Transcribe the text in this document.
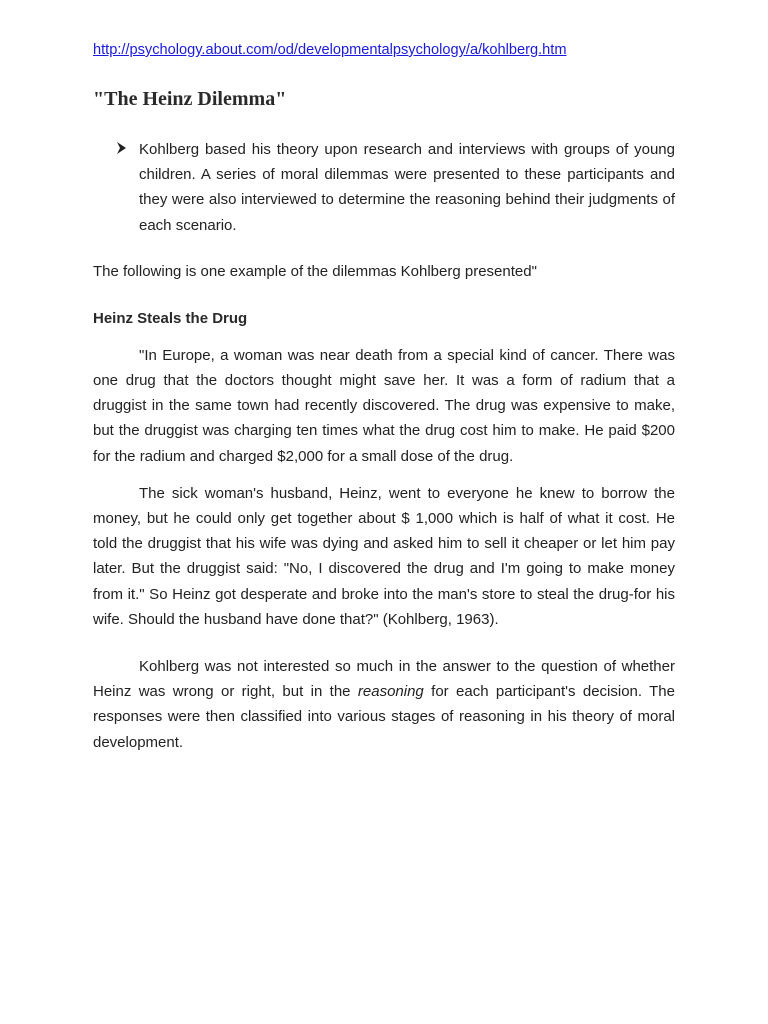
http://psychology.about.com/od/developmentalpsychology/a/kohlberg.htm
"The Heinz Dilemma"

Kohlberg based his theory upon research and interviews with groups of young children. A series of moral dilemmas were presented to these participants and they were also interviewed to determine the reasoning behind their judgments of each scenario.

The following is one example of the dilemmas Kohlberg presented"

Heinz Steals the Drug

"In Europe, a woman was near death from a special kind of cancer. There was one drug that the doctors thought might save her. It was a form of radium that a druggist in the same town had recently discovered. The drug was expensive to make, but the druggist was charging ten times what the drug cost him to make. He paid $200 for the radium and charged $2,000 for a small dose of the drug.

The sick woman's husband, Heinz, went to everyone he knew to borrow the money, but he could only get together about $ 1,000 which is half of what it cost. He told the druggist that his wife was dying and asked him to sell it cheaper or let him pay later. But the druggist said: "No, I discovered the drug and I'm going to make money from it." So Heinz got desperate and broke into the man's store to steal the drug-for his wife. Should the husband have done that?" (Kohlberg, 1963).

Kohlberg was not interested so much in the answer to the question of whether Heinz was wrong or right, but in the reasoning for each participant's decision. The responses were then classified into various stages of reasoning in his theory of moral development.
